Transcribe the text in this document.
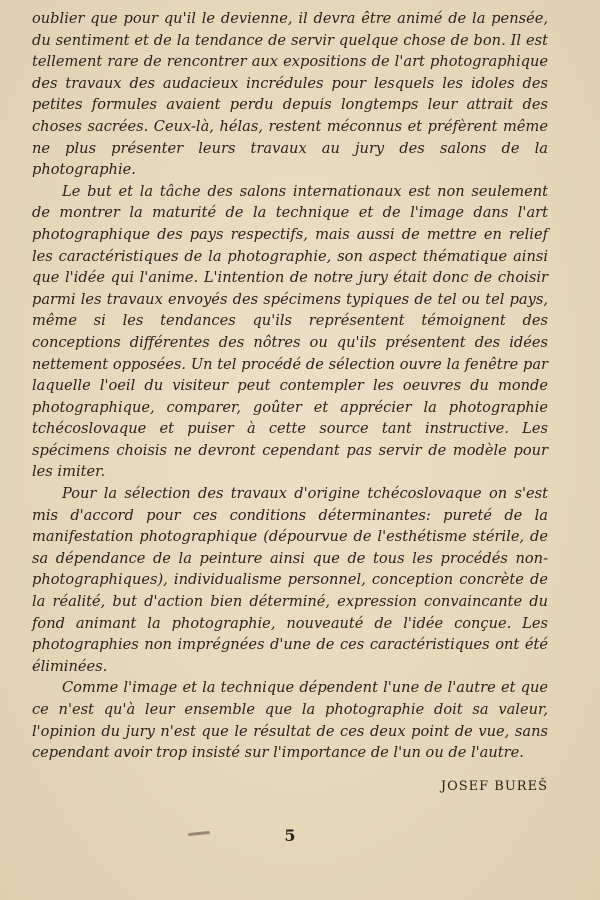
oublier que pour qu'il le devienne, il devra être animé de la pensée, du sentiment et de la tendance de servir quelque chose de bon. Il est tellement rare de rencontrer aux expositions de l'art photographique des travaux des audacieux incrédules pour lesquels les idoles des petites formules avaient perdu depuis longtemps leur attrait des choses sacrées. Ceux-là, hélas, restent méconnus et préfèrent même ne plus présenter leurs travaux au jury des salons de la photographie.

Le but et la tâche des salons internationaux est non seulement de montrer la maturité de la technique et de l'image dans l'art photographique des pays respectifs, mais aussi de mettre en relief les caractéristiques de la photographie, son aspect thématique ainsi que l'idée qui l'anime. L'intention de notre jury était donc de choisir parmi les travaux envoyés des spécimens typiques de tel ou tel pays, même si les tendances qu'ils représentent témoignent des conceptions différentes des nôtres ou qu'ils présentent des idées nettement opposées. Un tel procédé de sélection ouvre la fenêtre par laquelle l'oeil du visiteur peut contempler les oeuvres du monde photographique, comparer, goûter et apprécier la photographie tchécoslovaque et puiser à cette source tant instructive. Les spécimens choisis ne devront cependant pas servir de modèle pour les imiter.

Pour la sélection des travaux d'origine tchécoslovaque on s'est mis d'accord pour ces conditions déterminantes: pureté de la manifestation photographique (dépourvue de l'esthétisme stérile, de sa dépendance de la peinture ainsi que de tous les procédés non-photographiques), individualisme personnel, conception concrète de la réalité, but d'action bien déterminé, expression convaincante du fond animant la photographie, nouveauté de l'idée conçue. Les photographies non imprégnées d'une de ces caractéristiques ont été éliminées.

Comme l'image et la technique dépendent l'une de l'autre et que ce n'est qu'à leur ensemble que la photographie doit sa valeur, l'opinion du jury n'est que le résultat de ces deux point de vue, sans cependant avoir trop insisté sur l'importance de l'un ou de l'autre.

JOSEF BUREŠ
5
